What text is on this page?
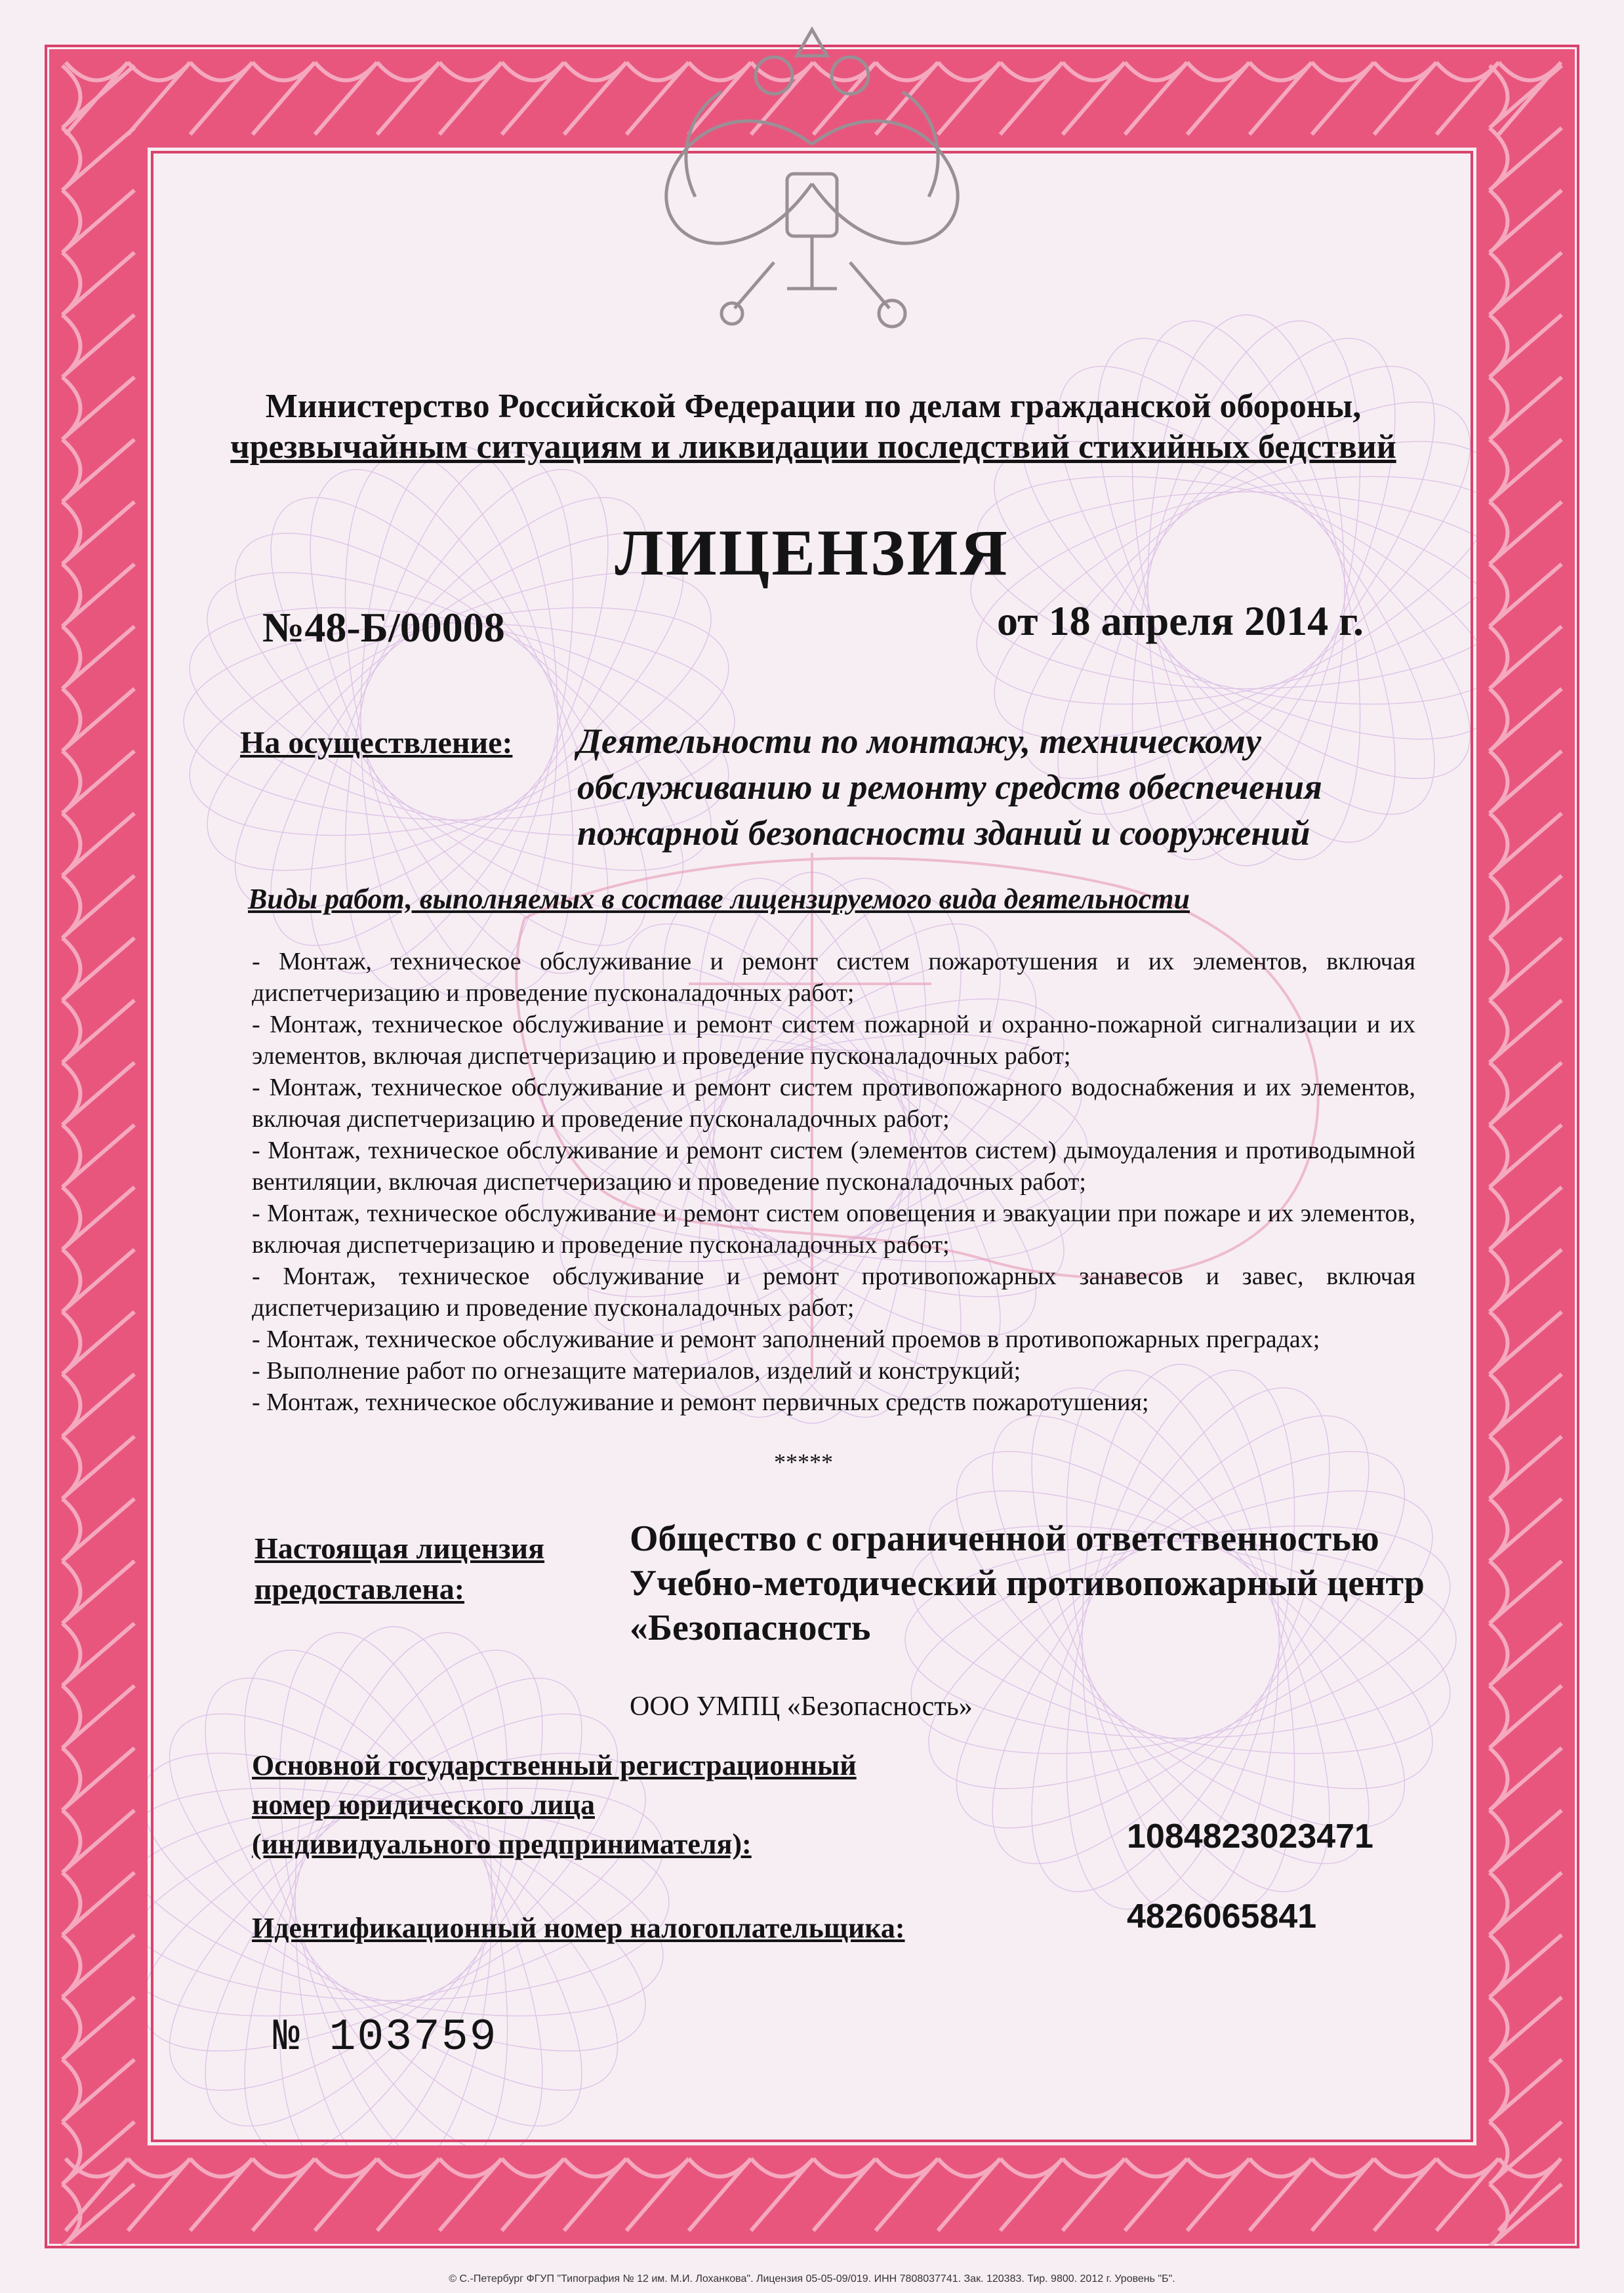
Министерство Российской Федерации по делам гражданской обороны,
чрезвычайным ситуациям и ликвидации последствий стихийных бедствий
ЛИЦЕНЗИЯ
№48-Б/00008	от 18 апреля 2014 г.
На осуществление: Деятельности по монтажу, техническому
обслуживанию и ремонту средств обеспечения
пожарной безопасности зданий и сооружений
Виды работ, выполняемых в составе лицензируемого вида деятельности
- Монтаж, техническое обслуживание и ремонт систем пожаротушения и их элементов, включая диспетчеризацию и проведение пусконаладочных работ;
- Монтаж, техническое обслуживание и ремонт систем пожарной и охранно-пожарной сигнализации и их элементов, включая диспетчеризацию и проведение пусконаладочных работ;
- Монтаж, техническое обслуживание и ремонт систем противопожарного водоснабжения и их элементов, включая диспетчеризацию и проведение пусконаладочных работ;
- Монтаж, техническое обслуживание и ремонт систем (элементов систем) дымоудаления и противодымной вентиляции, включая диспетчеризацию и проведение пусконаладочных работ;
- Монтаж, техническое обслуживание и ремонт систем оповещения и эвакуации при пожаре и их элементов, включая диспетчеризацию и проведение пусконаладочных работ;
- Монтаж, техническое обслуживание и ремонт противопожарных занавесов и завес, включая диспетчеризацию и проведение пусконаладочных работ;
- Монтаж, техническое обслуживание и ремонт заполнений проемов в противопожарных преградах;
- Выполнение работ по огнезащите материалов, изделий и конструкций;
- Монтаж, техническое обслуживание и ремонт первичных средств пожаротушения;
*****
Настоящая лицензия
предоставлена:
Общество с ограниченной ответственностью
Учебно-методический противопожарный центр
«Безопасность
ООО УМПЦ «Безопасность»
Основной государственный регистрационный
номер юридического лица
(индивидуального предпринимателя):	1084823023471
Идентификационный номер налогоплательщика:	4826065841
№ 103759
© С.-Петербург ФГУП "Типография № 12 им. М.И. Лоханкова". Лицензия 05-05-09/019. ИНН 7808037741. Зак. 120383. Тир. 9800. 2012 г. Уровень "Б".
